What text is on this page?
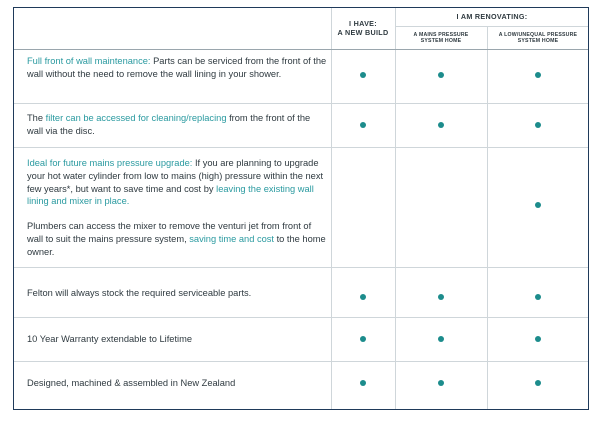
I HAVE:
A NEW BUILD
I AM RENOVATING:
A MAINS PRESSURE
SYSTEM HOME
A LOW/UNEQUAL PRESSURE
SYSTEM HOME

Full front of wall maintenance: Parts can be serviced from the front of the wall without the need to remove the wall lining in your shower.

The filter can be accessed for cleaning/replacing from the front of the wall via the disc.

Ideal for future mains pressure upgrade: If you are planning to upgrade your hot water cylinder from low to mains (high) pressure within the next few years*, but want to save time and cost by leaving the existing wall lining and mixer in place.

Plumbers can access the mixer to remove the venturi jet from front of wall to suit the mains pressure system, saving time and cost to the home owner.

Felton will always stock the required serviceable parts.

10 Year Warranty extendable to Lifetime

Designed, machined & assembled in New Zealand
